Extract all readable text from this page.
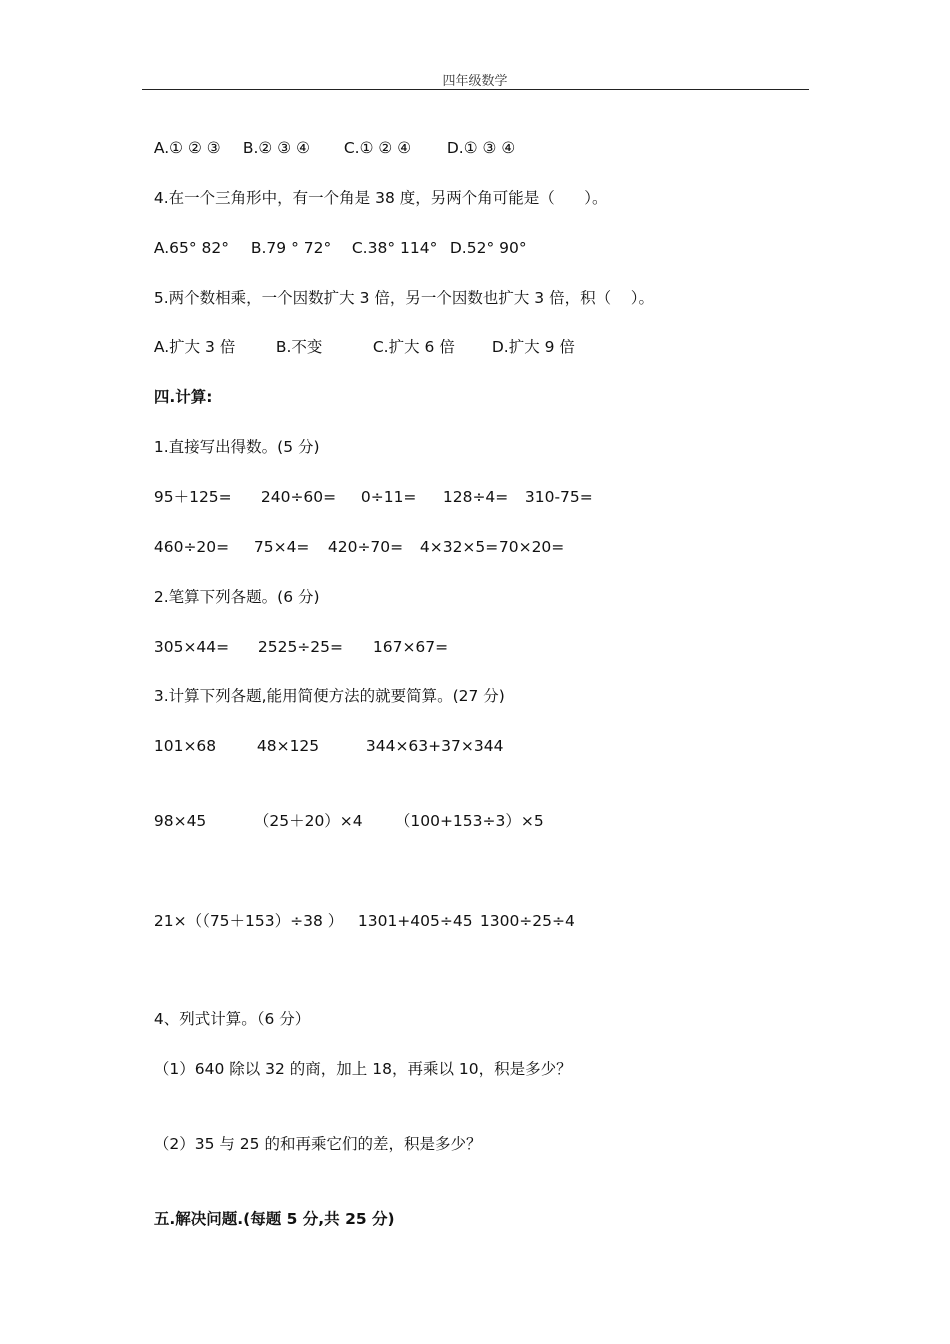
四年级数学

A.① ② ③ B.② ③ ④ C.① ② ④ D.① ③ ④

4.在一个三角形中，有一个角是 38 度，另两个角可能是（      ）。

A.65° 82° B.79 ° 72° C.38° 114° D.52° 90°

5.两个数相乘，一个因数扩大 3 倍，另一个因数也扩大 3 倍，积（    ）。

A.扩大 3 倍	B.不变	C.扩大 6 倍 D.扩大 9 倍

四.计算:

1.直接写出得数。(5 分)

95＋125= 240÷60= 0÷11= 128÷4= 310-75=

460÷20= 75×4= 420÷70= 4×32×5=70×20=

2.笔算下列各题。(6 分)

305×44= 2525÷25= 167×67=

3.计算下列各题,能用简便方法的就要简算。(27 分)

101×68	48×125	344×63+37×344

98×45	（25＋20）×4 （100+153÷3）×5

21×（（75＋153）÷38 ） 1301+405÷45 1300÷25÷4

4、列式计算。（6 分）

（1）640 除以 32 的商，加上 18，再乘以 10，积是多少？

（2）35 与 25 的和再乘它们的差，积是多少？

五.解决问题.(每题 5 分,共 25 分)
